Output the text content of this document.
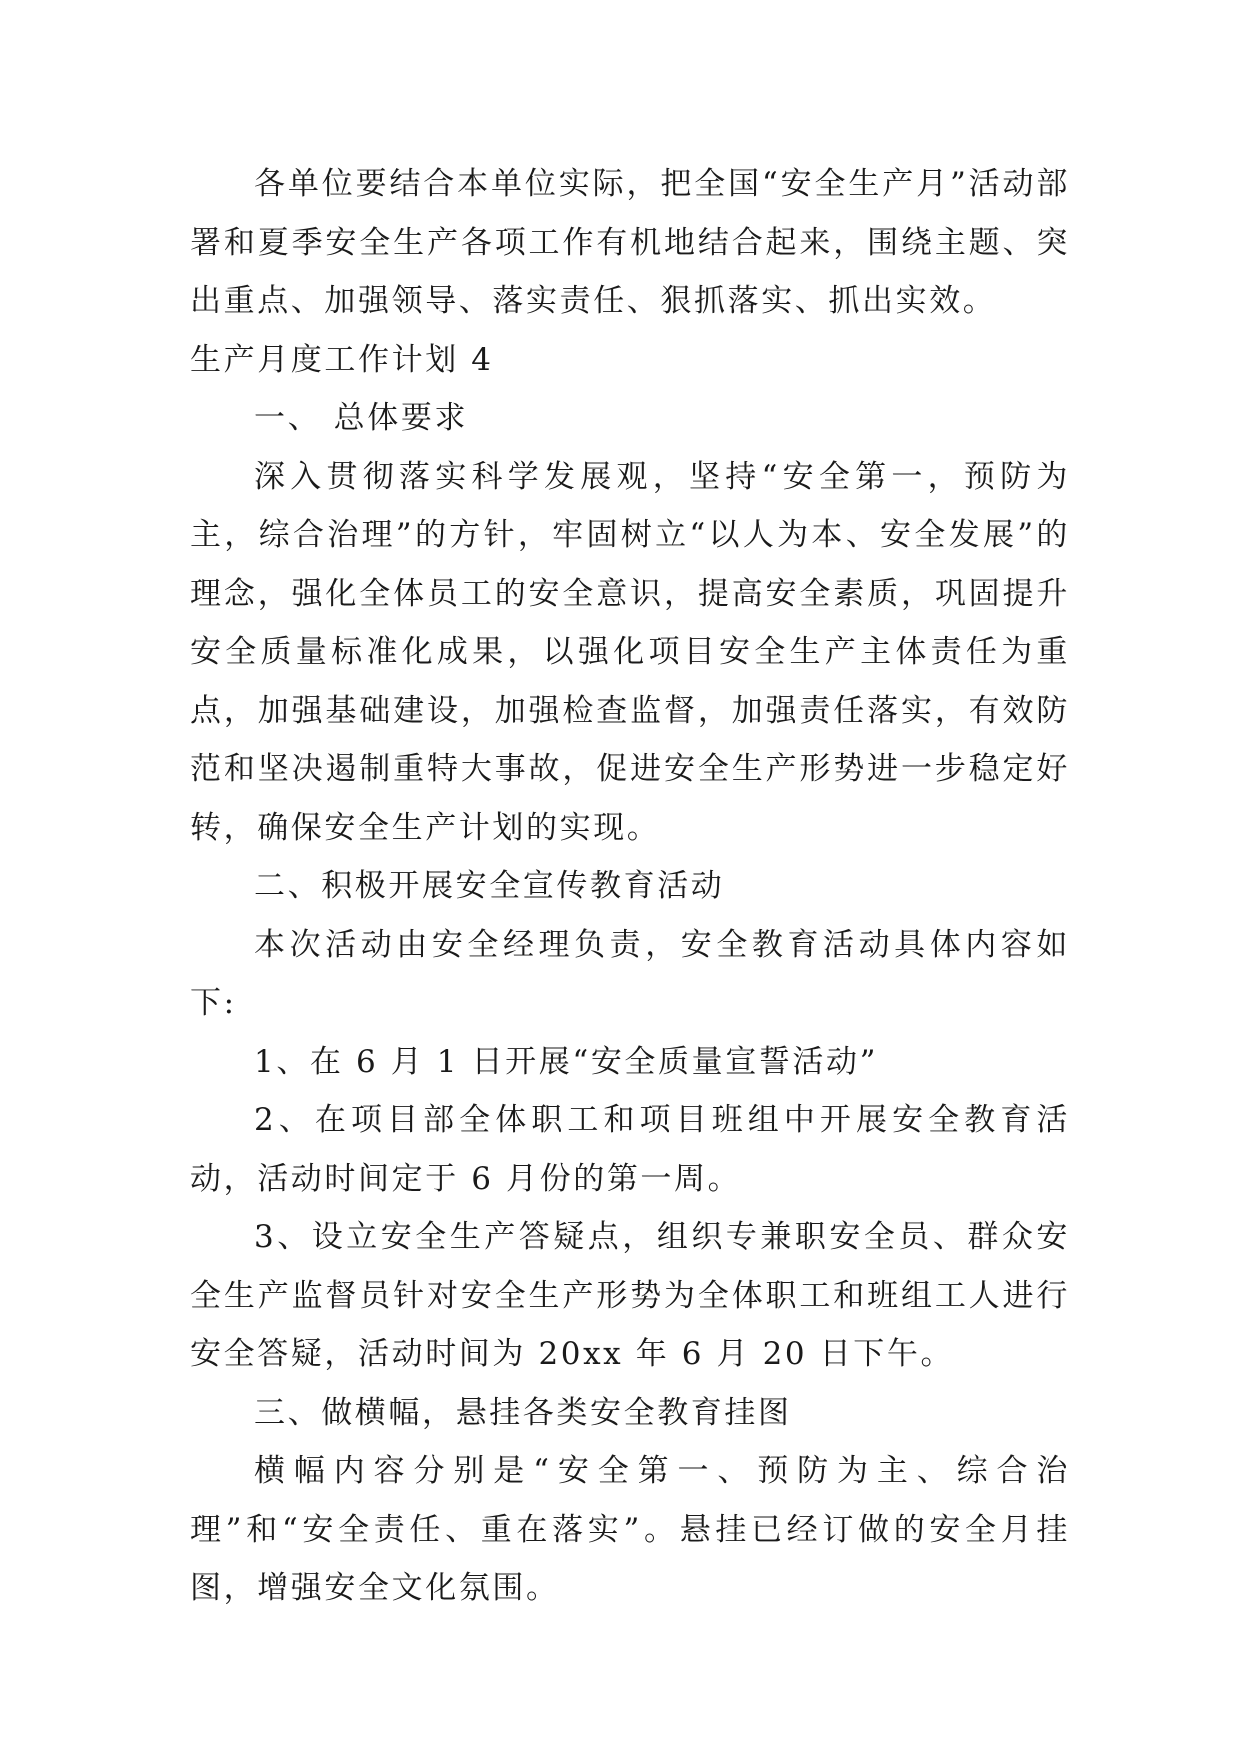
各单位要结合本单位实际，把全国“安全生产月”活动部署和夏季安全生产各项工作有机地结合起来，围绕主题、突出重点、加强领导、落实责任、狠抓落实、抓出实效。

生产月度工作计划 4

一、 总体要求

深入贯彻落实科学发展观，坚持“安全第一，预防为主，综合治理”的方针，牢固树立“以人为本、安全发展”的理念，强化全体员工的安全意识，提高安全素质，巩固提升安全质量标准化成果，以强化项目安全生产主体责任为重点，加强基础建设，加强检查监督，加强责任落实，有效防范和坚决遏制重特大事故，促进安全生产形势进一步稳定好转，确保安全生产计划的实现。

二、积极开展安全宣传教育活动

本次活动由安全经理负责，安全教育活动具体内容如下:

1、在 6 月 1 日开展“安全质量宣誓活动”

2、在项目部全体职工和项目班组中开展安全教育活动，活动时间定于 6 月份的第一周。

3、设立安全生产答疑点，组织专兼职安全员、群众安全生产监督员针对安全生产形势为全体职工和班组工人进行安全答疑，活动时间为 20xx 年 6 月 20 日下午。

三、做横幅，悬挂各类安全教育挂图

横幅内容分别是“安全第一、预防为主、综合治理”和“安全责任、重在落实”。悬挂已经订做的安全月挂图，增强安全文化氛围。
